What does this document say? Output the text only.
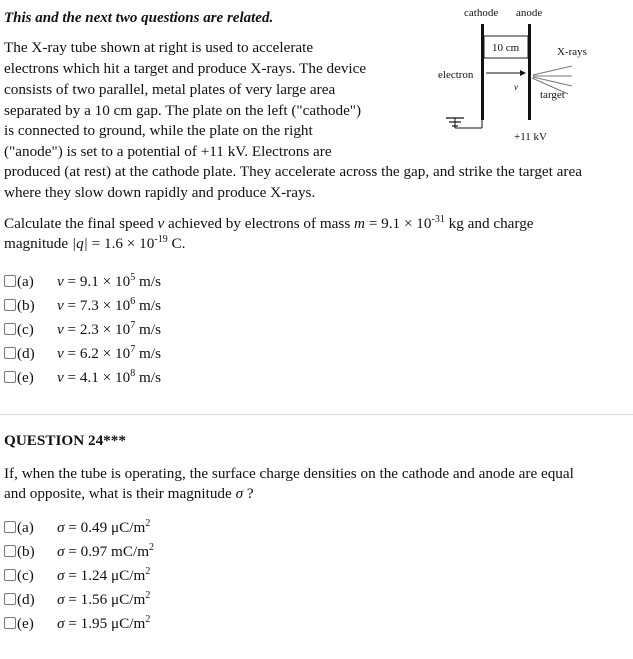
This and the next two questions are related.
The X-ray tube shown at right is used to accelerate
electrons which hit a target and produce X-rays. The device
consists of two parallel, metal plates of very large area
separated by a 10 cm gap. The plate on the left ("cathode")
is connected to ground, while the plate on the right
("anode") is set to a potential of +11 kV. Electrons are
produced (at rest) at the cathode plate. They accelerate across the gap, and strike the target area
where they slow down rapidly and produce X-rays.
cathode anode
10 cm
electron
v
X-rays
target
+11 kV
Calculate the final speed v achieved by electrons of mass $m = 9.1 \times 10^{-31}$ kg and charge
magnitude $|q| = 1.6 \times 10^{-19}$ C.
(a) $v = 9.1 \times 10^5$ m/s
(b) $v = 7.3 \times 10^6$ m/s
(c) $v = 2.3 \times 10^7$ m/s
(d) $v = 6.2 \times 10^7$ m/s
(e) $v = 4.1 \times 10^8$ m/s
QUESTION 24***
If, when the tube is operating, the surface charge densities on the cathode and anode are equal
and opposite, what is their magnitude σ ?
(a) σ = 0.49 $\mu C/m^2$
(b) σ = 0.97 $mC/m^2$
(c) σ = 1.24 $\mu C/m^2$
(d) σ = 1.56 $\mu C/m^2$
(e) σ = 1.95 $\mu C/m^2$
